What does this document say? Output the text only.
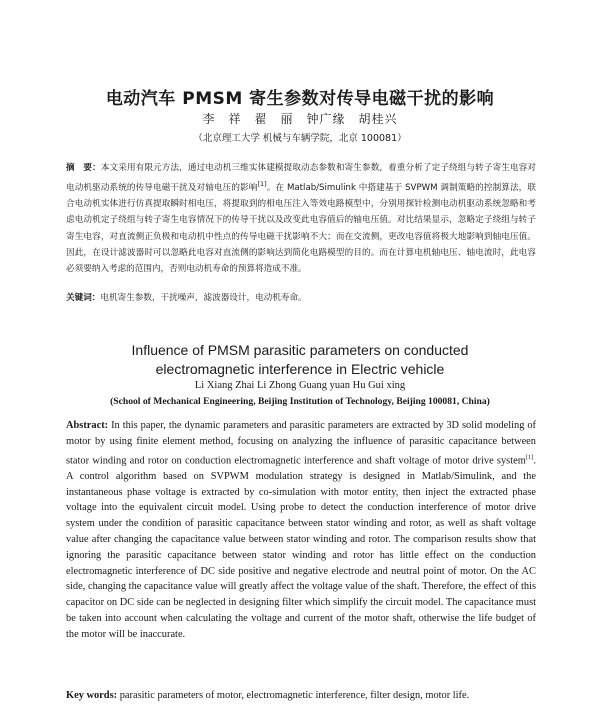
电动汽车 PMSM 寄生参数对传导电磁干扰的影响
李　祥　翟　丽　钟广缘　胡桂兴
（北京理工大学 机械与车辆学院，北京 100081）
摘　要：本文采用有限元方法，通过电动机三维实体建模提取动态参数和寄生参数，着重分析了定子绕组与转子寄生电容对电动机驱动系统的传导电磁干扰及对轴电压的影响[1]。在 Matlab/Simulink 中搭建基于 SVPWM 调制策略的控制算法，联合电动机实体进行仿真提取瞬时相电压，将提取到的相电压注入等效电路模型中，分别用探针检测电动机驱动系统忽略和考虑电动机定子绕组与转子寄生电容情况下的传导干扰以及改变此电容值后的轴电压值。对比结果显示，忽略定子绕组与转子寄生电容，对直流侧正负极和电动机中性点的传导电磁干扰影响不大；而在交流侧，更改电容值将极大地影响到轴电压值。因此，在设计滤波器时可以忽略此电容对直流侧的影响达到简化电路模型的目的。而在计算电机轴电压、轴电流时，此电容必须要纳入考虑的范围内，否则电动机寿命的预算将造成不准。
关键词：电机寄生参数，干扰噪声，滤波器设计，电动机寿命。
Influence of PMSM parasitic parameters on conducted
electromagnetic interference in Electric vehicle
Li Xiang Zhai Li Zhong Guang yuan Hu Gui xing
(School of Mechanical Engineering, Beijing Institution of Technology, Beijing 100081, China)
Abstract: In this paper, the dynamic parameters and parasitic parameters are extracted by 3D solid modeling of motor by using finite element method, focusing on analyzing the influence of parasitic capacitance between stator winding and rotor on conduction electromagnetic interference and shaft voltage of motor drive system[1]. A control algorithm based on SVPWM modulation strategy is designed in Matlab/Simulink, and the instantaneous phase voltage is extracted by co-simulation with motor entity, then inject the extracted phase voltage into the equivalent circuit model. Using probe to detect the conduction interference of motor drive system under the condition of parasitic capacitance between stator winding and rotor, as well as shaft voltage value after changing the capacitance value between stator winding and rotor. The comparison results show that ignoring the parasitic capacitance between stator winding and rotor has little effect on the conduction electromagnetic interference of DC side positive and negative electrode and neutral point of motor. On the AC side, changing the capacitance value will greatly affect the voltage value of the shaft. Therefore, the effect of this capacitor on DC side can be neglected in designing filter which simplify the circuit model. The capacitance must be taken into account when calculating the voltage and current of the motor shaft, otherwise the life budget of the motor will be inaccurate.
Key words: parasitic parameters of motor, electromagnetic interference, filter design, motor life.
